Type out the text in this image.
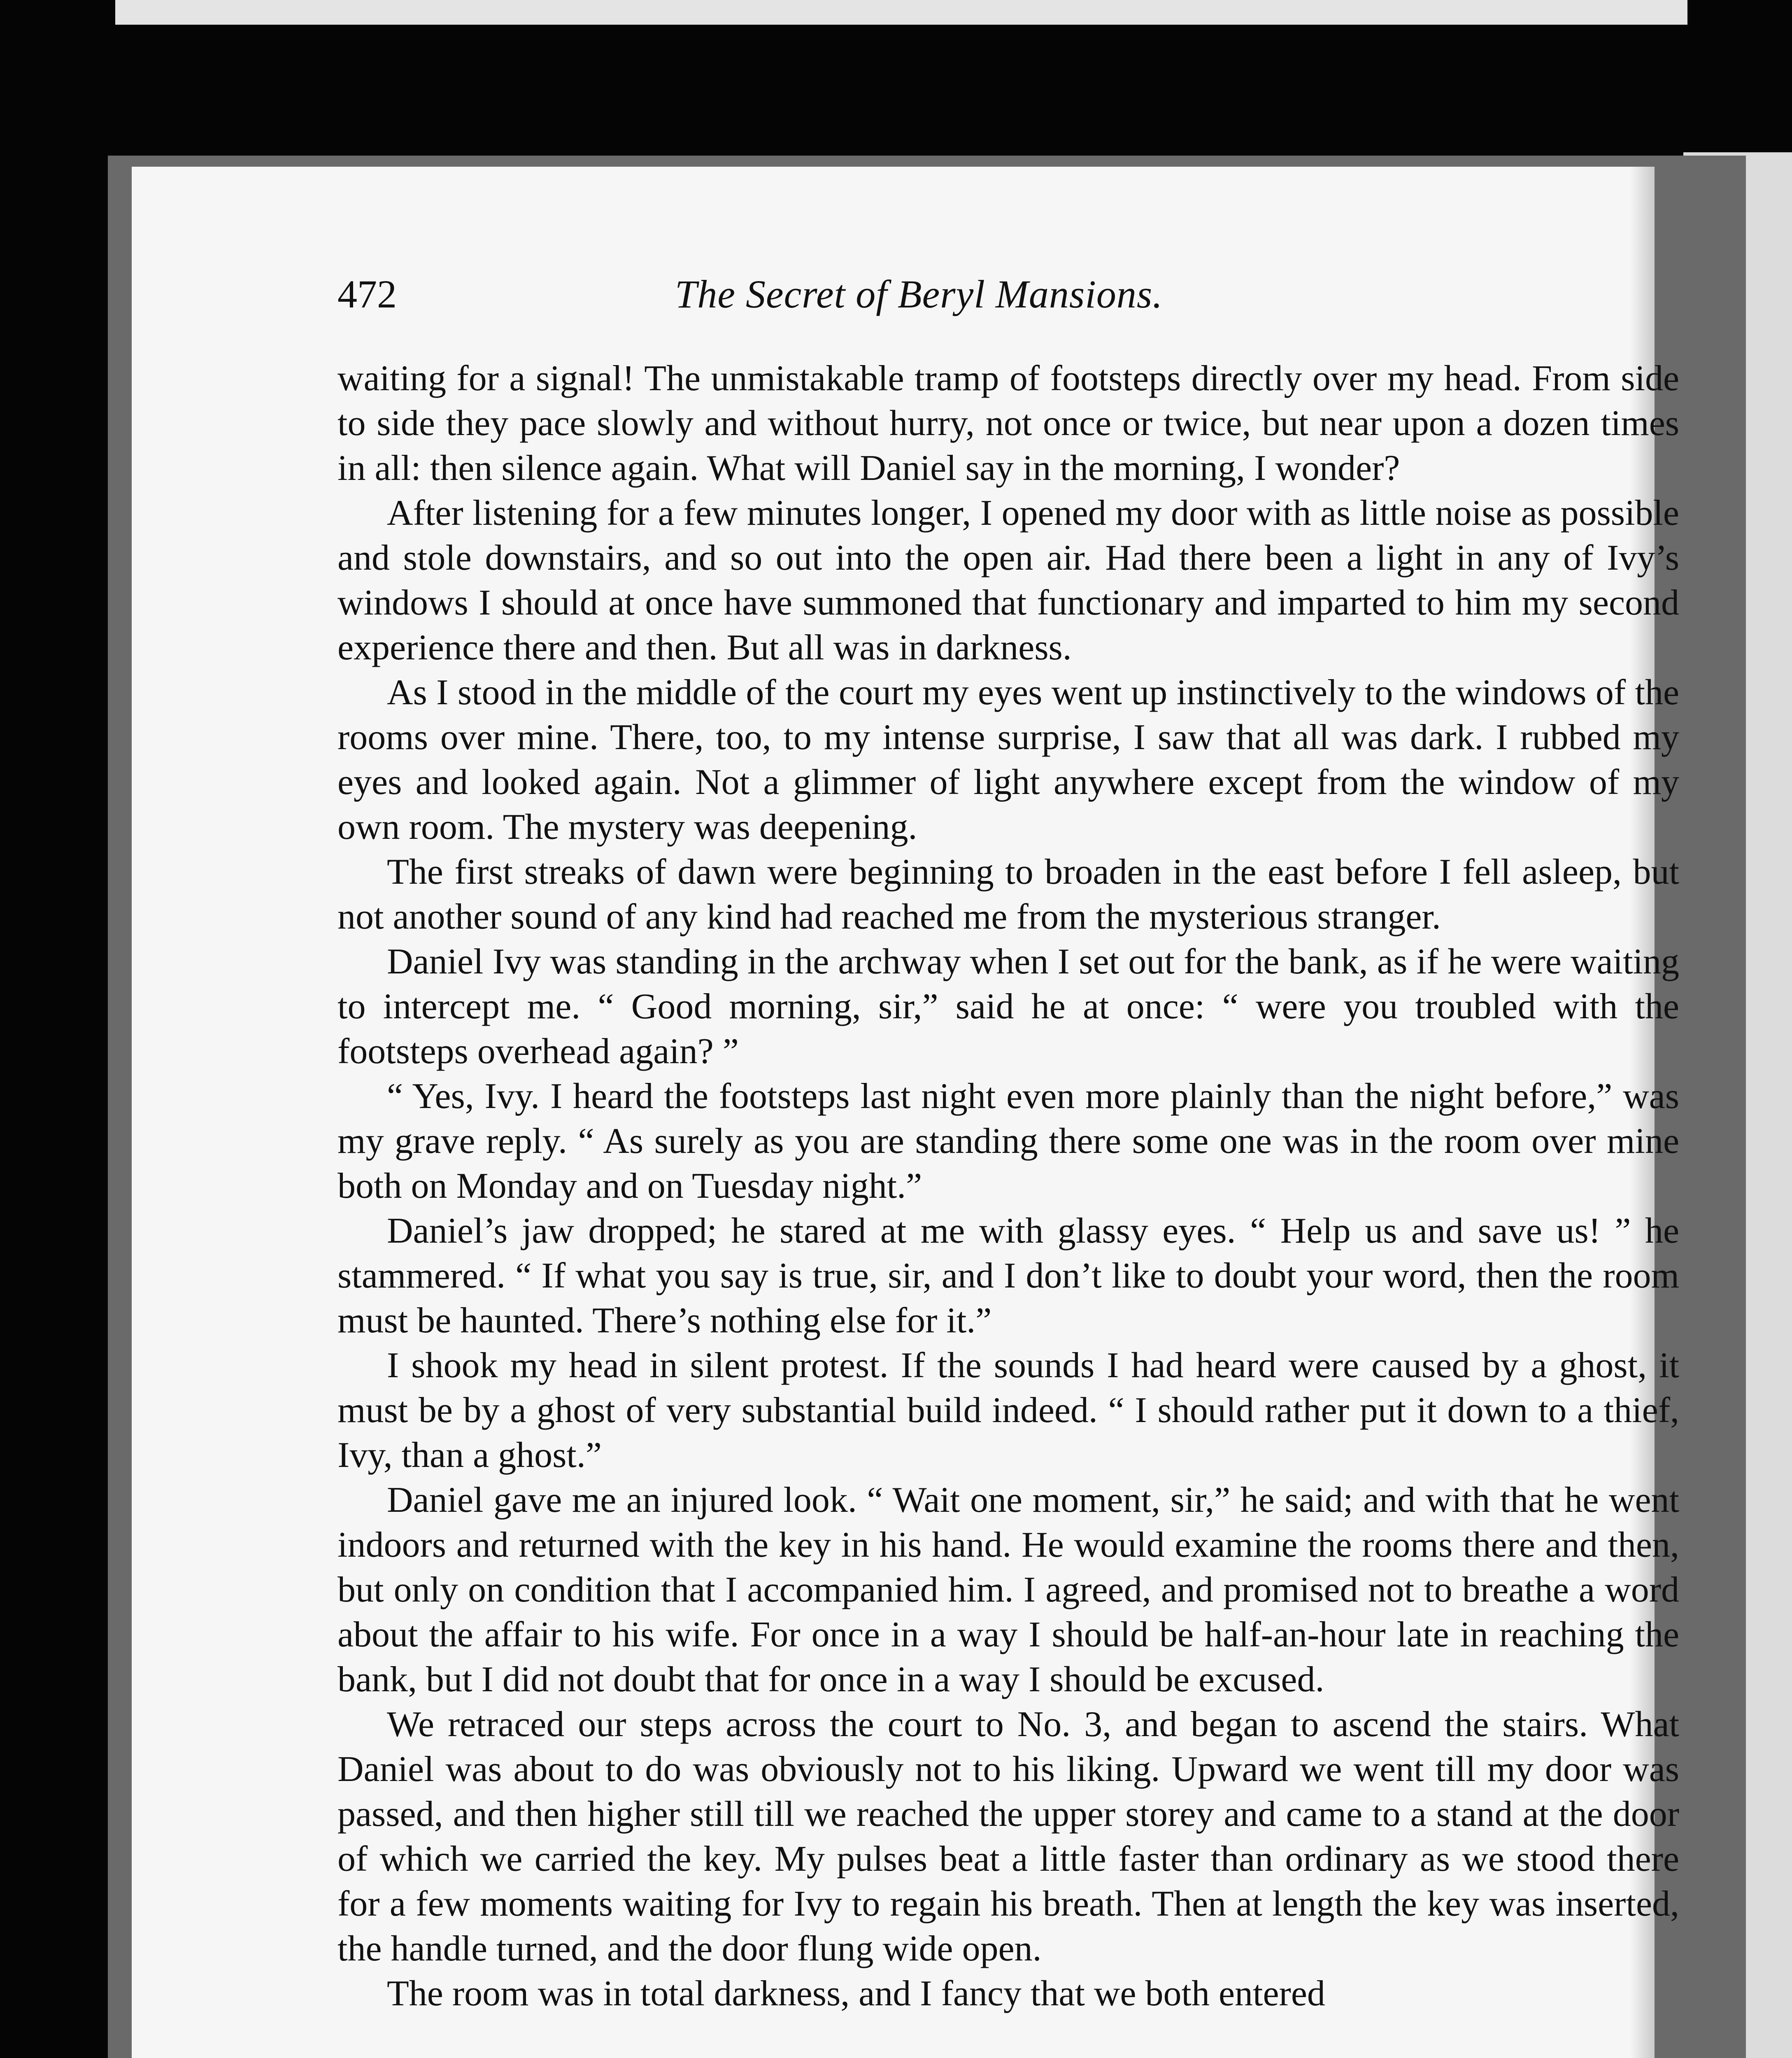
472	The Secret of Beryl Mansions.

waiting for a signal! The unmistakable tramp of footsteps directly over my head. From side to side they pace slowly and without hurry, not once or twice, but near upon a dozen times in all: then silence again. What will Daniel say in the morning, I wonder?

After listening for a few minutes longer, I opened my door with as little noise as possible and stole downstairs, and so out into the open air. Had there been a light in any of Ivy’s windows I should at once have summoned that functionary and imparted to him my second experience there and then. But all was in darkness.

As I stood in the middle of the court my eyes went up instinctively to the windows of the rooms over mine. There, too, to my intense surprise, I saw that all was dark. I rubbed my eyes and looked again. Not a glimmer of light anywhere except from the window of my own room. The mystery was deepening.

The first streaks of dawn were beginning to broaden in the east before I fell asleep, but not another sound of any kind had reached me from the mysterious stranger.

Daniel Ivy was standing in the archway when I set out for the bank, as if he were waiting to intercept me. “ Good morning, sir,” said he at once: “ were you troubled with the footsteps overhead again? ”

“ Yes, Ivy. I heard the footsteps last night even more plainly than the night before,” was my grave reply. “ As surely as you are standing there some one was in the room over mine both on Monday and on Tuesday night.”

Daniel’s jaw dropped; he stared at me with glassy eyes. “ Help us and save us! ” he stammered. “ If what you say is true, sir, and I don’t like to doubt your word, then the room must be haunted. There’s nothing else for it.”

I shook my head in silent protest. If the sounds I had heard were caused by a ghost, it must be by a ghost of very substantial build indeed. “ I should rather put it down to a thief, Ivy, than a ghost.”

Daniel gave me an injured look. “ Wait one moment, sir,” he said; and with that he went indoors and returned with the key in his hand. He would examine the rooms there and then, but only on condition that I accompanied him. I agreed, and promised not to breathe a word about the affair to his wife. For once in a way I should be half-an-hour late in reaching the bank, but I did not doubt that for once in a way I should be excused.

We retraced our steps across the court to No. 3, and began to ascend the stairs. What Daniel was about to do was obviously not to his liking. Upward we went till my door was passed, and then higher still till we reached the upper storey and came to a stand at the door of which we carried the key. My pulses beat a little faster than ordinary as we stood there for a few moments waiting for Ivy to regain his breath. Then at length the key was inserted, the handle turned, and the door flung wide open.

The room was in total darkness, and I fancy that we both entered
